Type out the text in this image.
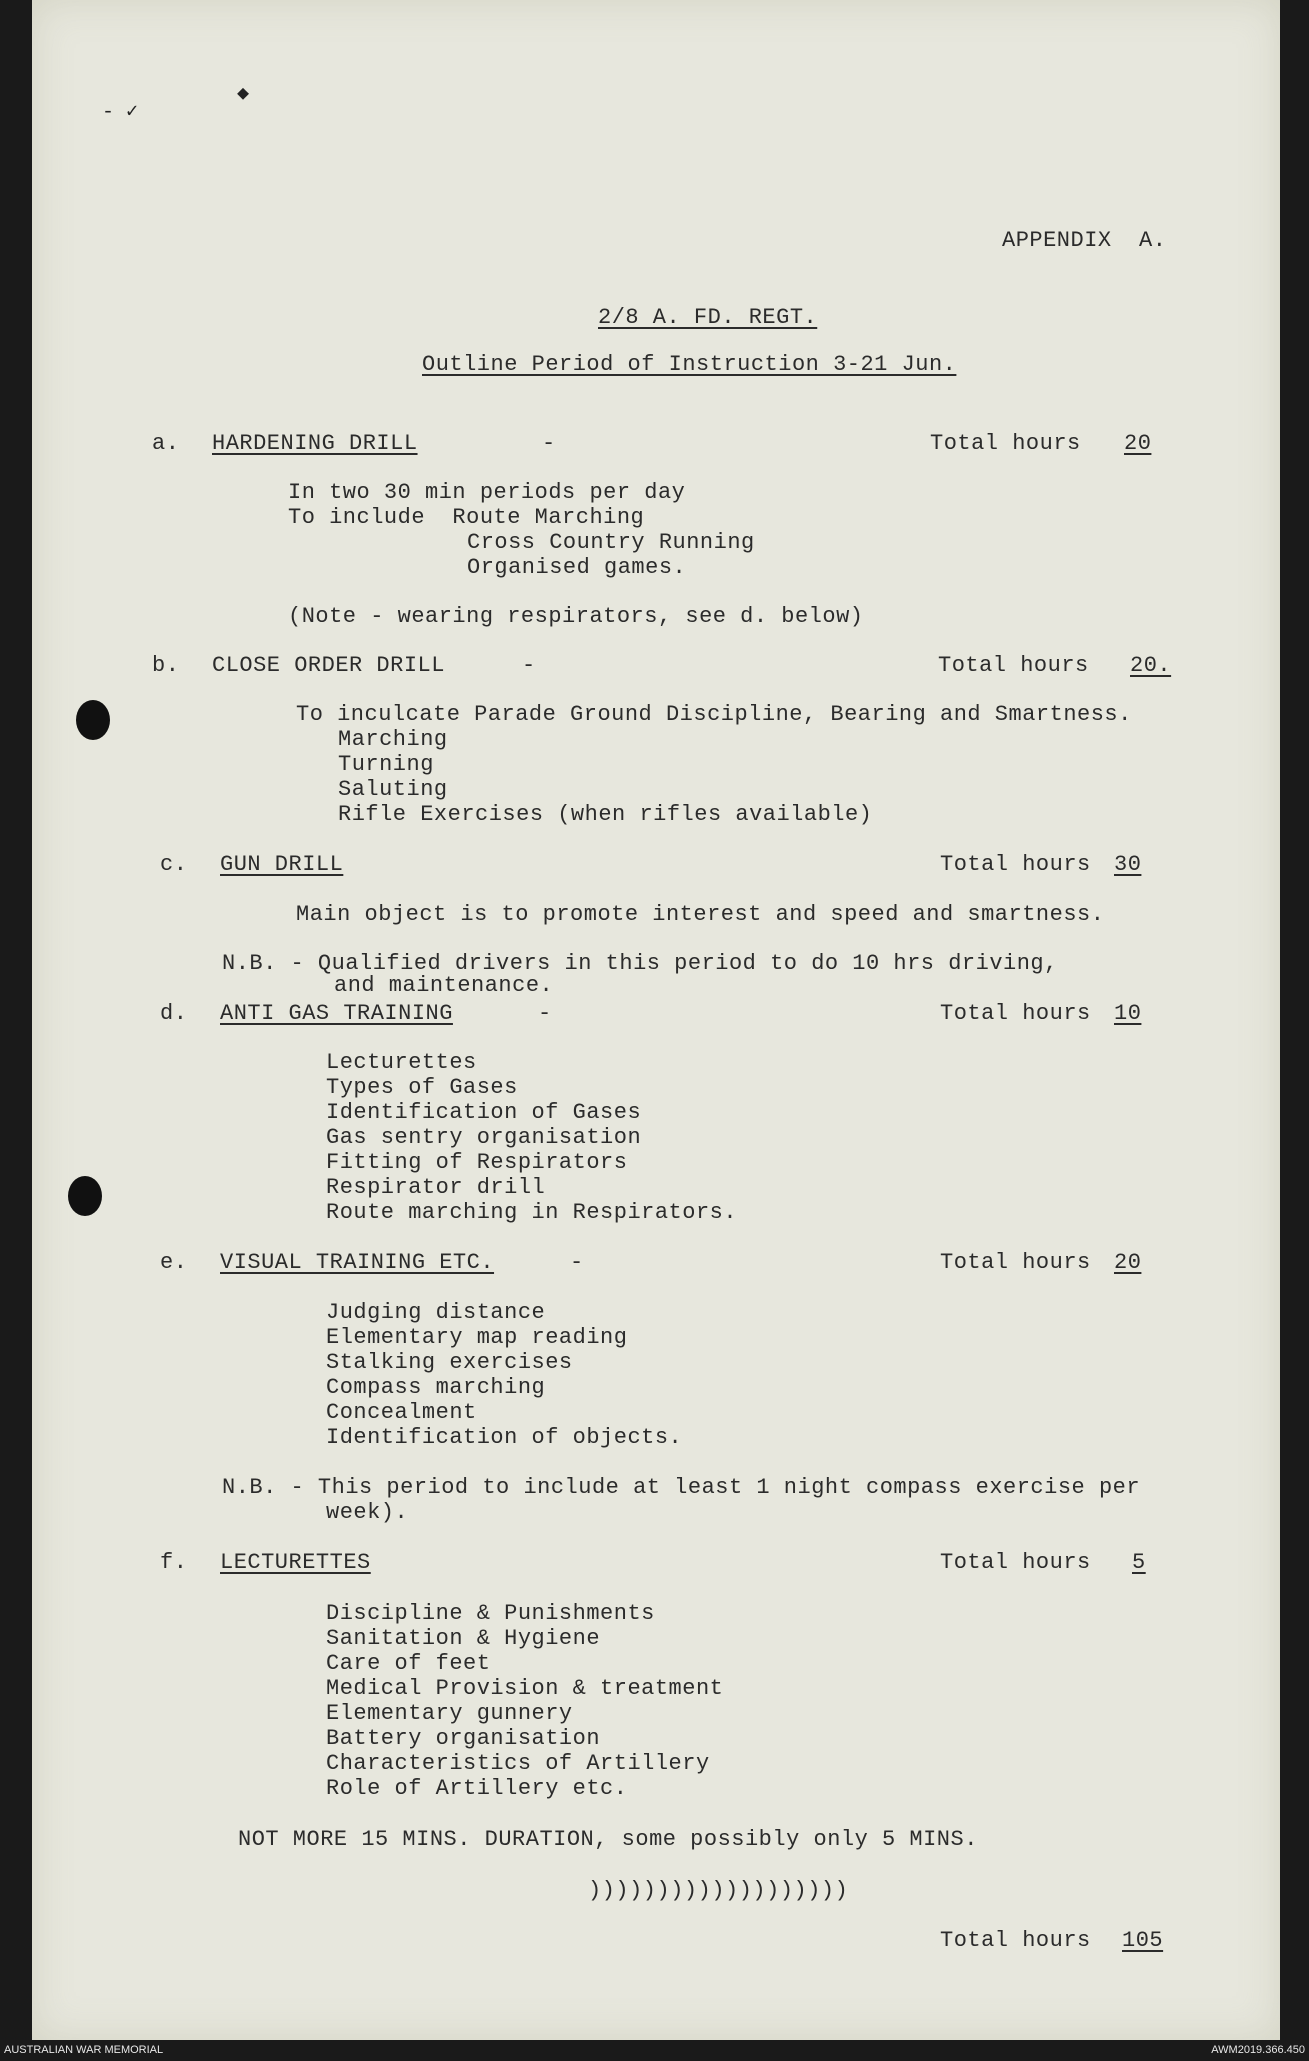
- ✓
◆
APPENDIX  A.
2/8 A. FD. REGT.
Outline Period of Instruction 3-21 Jun.
a. HARDENING DRILL	-	Total hours 20
In two 30 min periods per day
To include  Route Marching
Cross Country Running
Organised games.
(Note - wearing respirators, see d. below)
b. CLOSE ORDER DRILL	-	Total hours 20.
To inculcate Parade Ground Discipline, Bearing and Smartness.
Marching
Turning
Saluting
Rifle Exercises (when rifles available)
c. GUN DRILL	Total hours 30
Main object is to promote interest and speed and smartness.
N.B. - Qualified drivers in this period to do 10 hrs driving,
and maintenance.
d. ANTI GAS TRAINING	-	Total hours 10
Lecturettes
Types of Gases
Identification of Gases
Gas sentry organisation
Fitting of Respirators
Respirator drill
Route marching in Respirators.
e. VISUAL TRAINING ETC.	-	Total hours 20
Judging distance
Elementary map reading
Stalking exercises
Compass marching
Concealment
Identification of objects.
N.B. - This period to include at least 1 night compass exercise per
week).
f. LECTURETTES	Total hours 5
Discipline & Punishments
Sanitation & Hygiene
Care of feet
Medical Provision & treatment
Elementary gunnery
Battery organisation
Characteristics of Artillery
Role of Artillery etc.
NOT MORE 15 MINS. DURATION, some possibly only 5 MINS.
)))))))))))))))))))
Total hours 105
AUSTRALIAN WAR MEMORIAL	AWM2019.366.450
